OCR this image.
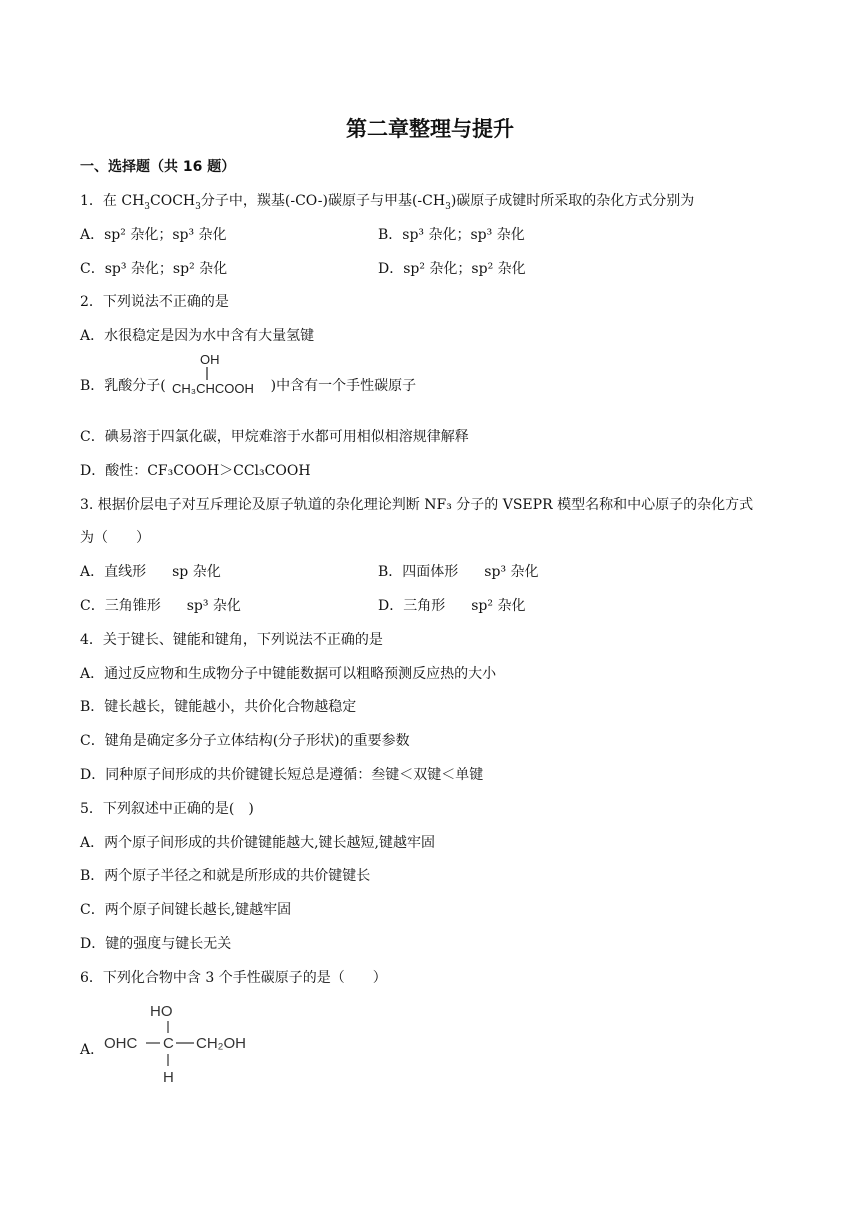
第二章整理与提升
一、选择题（共 16 题）
1．在 $CH_3COCH_3$分子中，羰基(-CO-)碳原子与甲基$(-CH_3)$碳原子成键时所采取的杂化方式分别为
A．sp² 杂化；sp³ 杂化	B．sp³ 杂化；sp³ 杂化
C．sp³ 杂化；sp² 杂化	D．sp² 杂化；sp² 杂化
2．下列说法不正确的是
A．水很稳定是因为水中含有大量氢键
B．乳酸分子(
OH
CH₃CHCOOH )中含有一个手性碳原子
C．碘易溶于四氯化碳，甲烷难溶于水都可用相似相溶规律解释
D．酸性：CF₃COOH＞CCl₃COOH
3. 根据价层电子对互斥理论及原子轨道的杂化理论判断 NF₃ 分子的 VSEPR 模型名称和中心原子的杂化方式
为（　　）
A．直线形 sp 杂化	B．四面体形 sp³ 杂化
C．三角锥形 sp³ 杂化	D．三角形 sp² 杂化
4．关于键长、键能和键角，下列说法不正确的是
A．通过反应物和生成物分子中键能数据可以粗略预测反应热的大小
B．键长越长，键能越小，共价化合物越稳定
C．键角是确定多分子立体结构(分子形状)的重要参数
D．同种原子间形成的共价键键长短总是遵循：叁键＜双键＜单键
5．下列叙述中正确的是(　)
A．两个原子间形成的共价键键能越大,键长越短,键越牢固
B．两个原子半径之和就是所形成的共价键键长
C．两个原子间键长越长,键越牢固
D．键的强度与键长无关
6．下列化合物中含 3 个手性碳原子的是（　　）
A．
HO
OHC C CH₂OH
H
